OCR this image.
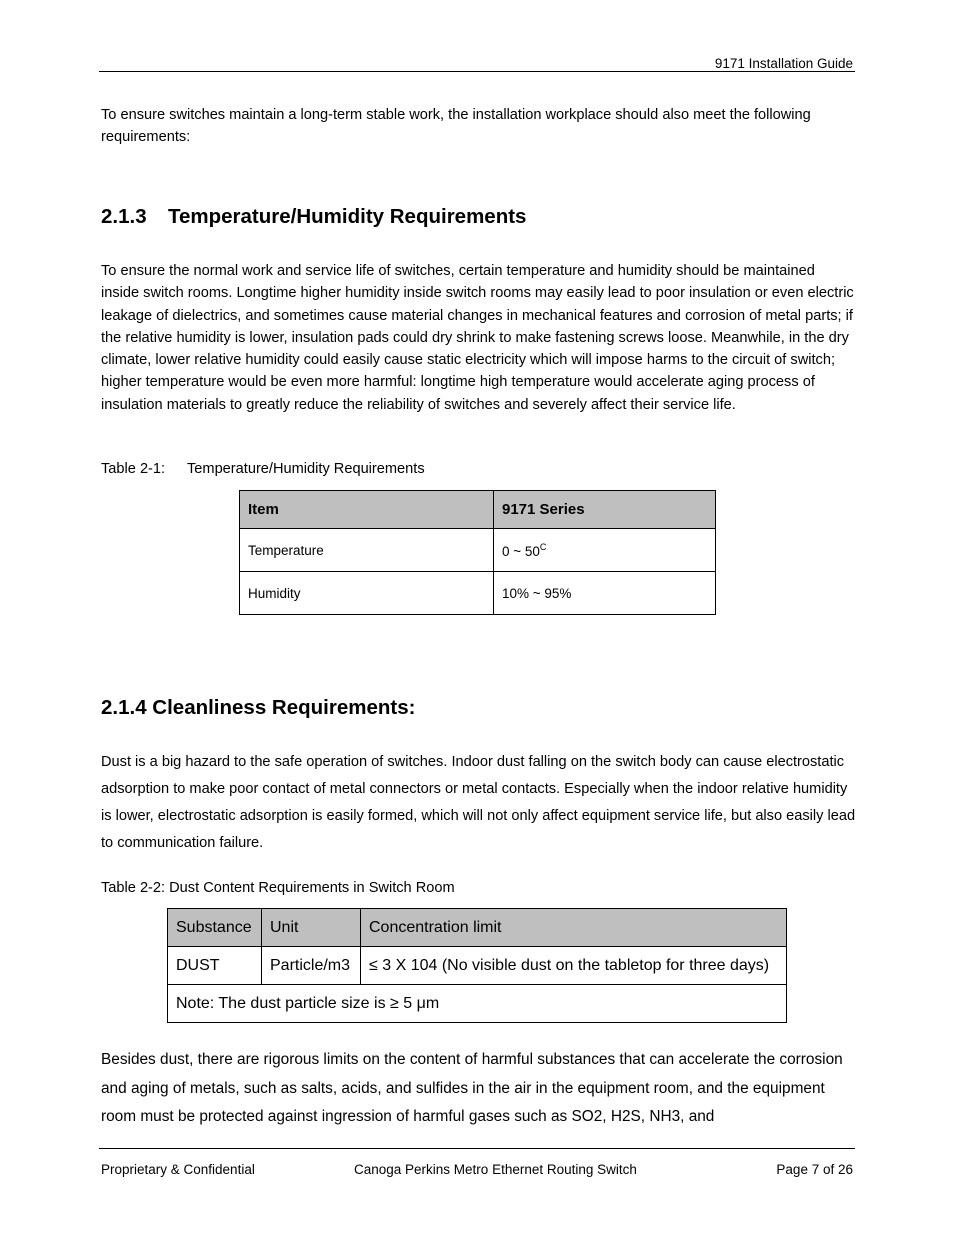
9171 Installation Guide

To ensure switches maintain a long-term stable work, the installation workplace should also meet the following requirements:

2.1.3 Temperature/Humidity Requirements

To ensure the normal work and service life of switches, certain temperature and humidity should be maintained inside switch rooms. Longtime higher humidity inside switch rooms may easily lead to poor insulation or even electric leakage of dielectrics, and sometimes cause material changes in mechanical features and corrosion of metal parts; if the relative humidity is lower, insulation pads could dry shrink to make fastening screws loose. Meanwhile, in the dry climate, lower relative humidity could easily cause static electricity which will impose harms to the circuit of switch; higher temperature would be even more harmful: longtime high temperature would accelerate aging process of insulation materials to greatly reduce the reliability of switches and severely affect their service life.

Table 2-1: Temperature/Humidity Requirements

Item	9171 Series
Temperature	0 ~ $50^C$
Humidity	10% ~ 95%
2.1.4 Cleanliness Requirements:

Dust is a big hazard to the safe operation of switches. Indoor dust falling on the switch body can cause electrostatic adsorption to make poor contact of metal connectors or metal contacts. Especially when the indoor relative humidity is lower, electrostatic adsorption is easily formed, which will not only affect equipment service life, but also easily lead to communication failure.

Table 2-2: Dust Content Requirements in Switch Room

Substance	Unit	Concentration limit
DUST	Particle/m3	≤ 3 X 104 (No visible dust on the tabletop for three days)
Note: The dust particle size is ≥ 5 μm		

Besides dust, there are rigorous limits on the content of harmful substances that can accelerate the corrosion and aging of metals, such as salts, acids, and sulfides in the air in the equipment room, and the equipment room must be protected against ingression of harmful gases such as SO2, H2S, NH3, and

Proprietary & Confidential	Canoga Perkins Metro Ethernet Routing Switch	Page 7 of 26
